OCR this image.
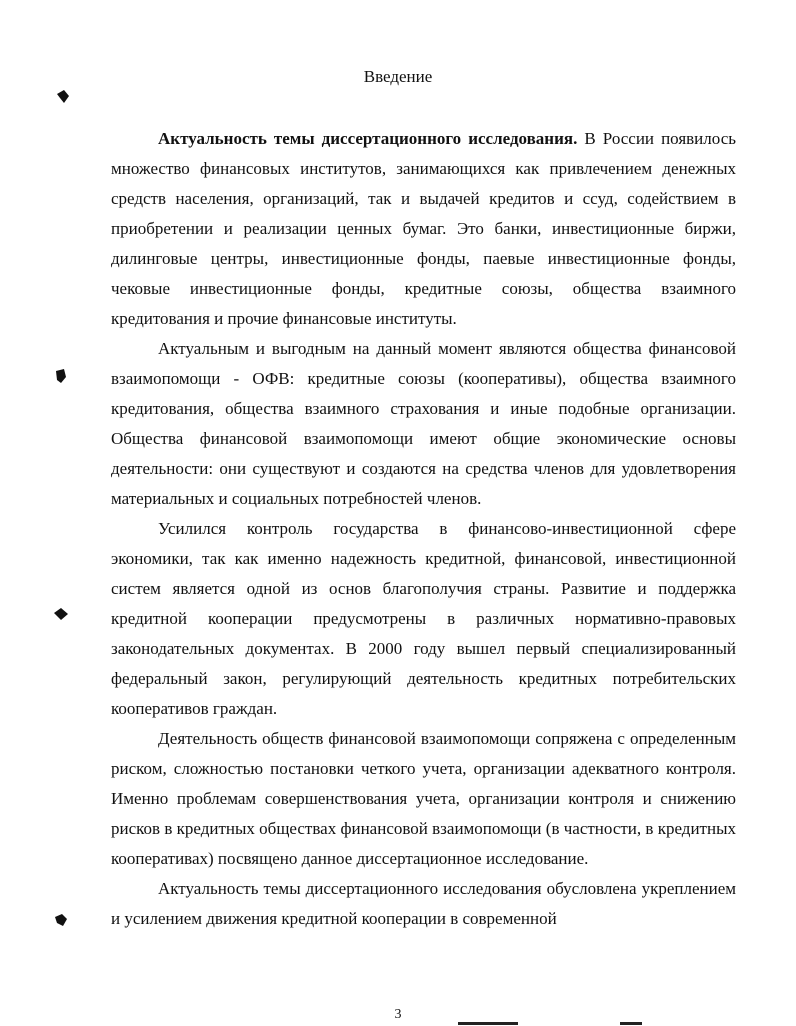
Введение

Актуальность темы диссертационного исследования. В России появилось множество финансовых институтов, занимающихся как привлечением денежных средств населения, организаций, так и выдачей кредитов и ссуд, содействием в приобретении и реализации ценных бумаг. Это банки, инвестиционные биржи, дилинговые центры, инвестиционные фонды, паевые инвестиционные фонды, чековые инвестиционные фонды, кредитные союзы, общества взаимного кредитования и прочие финансовые институты.

Актуальным и выгодным на данный момент являются общества финансовой взаимопомощи - ОФВ: кредитные союзы (кооперативы), общества взаимного кредитования, общества взаимного страхования и иные подобные организации. Общества финансовой взаимопомощи имеют общие экономические основы деятельности: они существуют и создаются на средства членов для удовлетворения материальных и социальных потребностей членов.

Усилился контроль государства в финансово-инвестиционной сфере экономики, так как именно надежность кредитной, финансовой, инвестиционной систем является одной из основ благополучия страны. Развитие и поддержка кредитной кооперации предусмотрены в различных нормативно-правовых законодательных документах. В 2000 году вышел первый специализированный федеральный закон, регулирующий деятельность кредитных потребительских кооперативов граждан.

Деятельность обществ финансовой взаимопомощи сопряжена с определенным риском, сложностью постановки четкого учета, организации адекватного контроля. Именно проблемам совершенствования учета, организации контроля и снижению рисков в кредитных обществах финансовой взаимопомощи (в частности, в кредитных кооперативах) посвящено данное диссертационное исследование.

Актуальность темы диссертационного исследования обусловлена укреплением и усилением движения кредитной кооперации в современной

3
